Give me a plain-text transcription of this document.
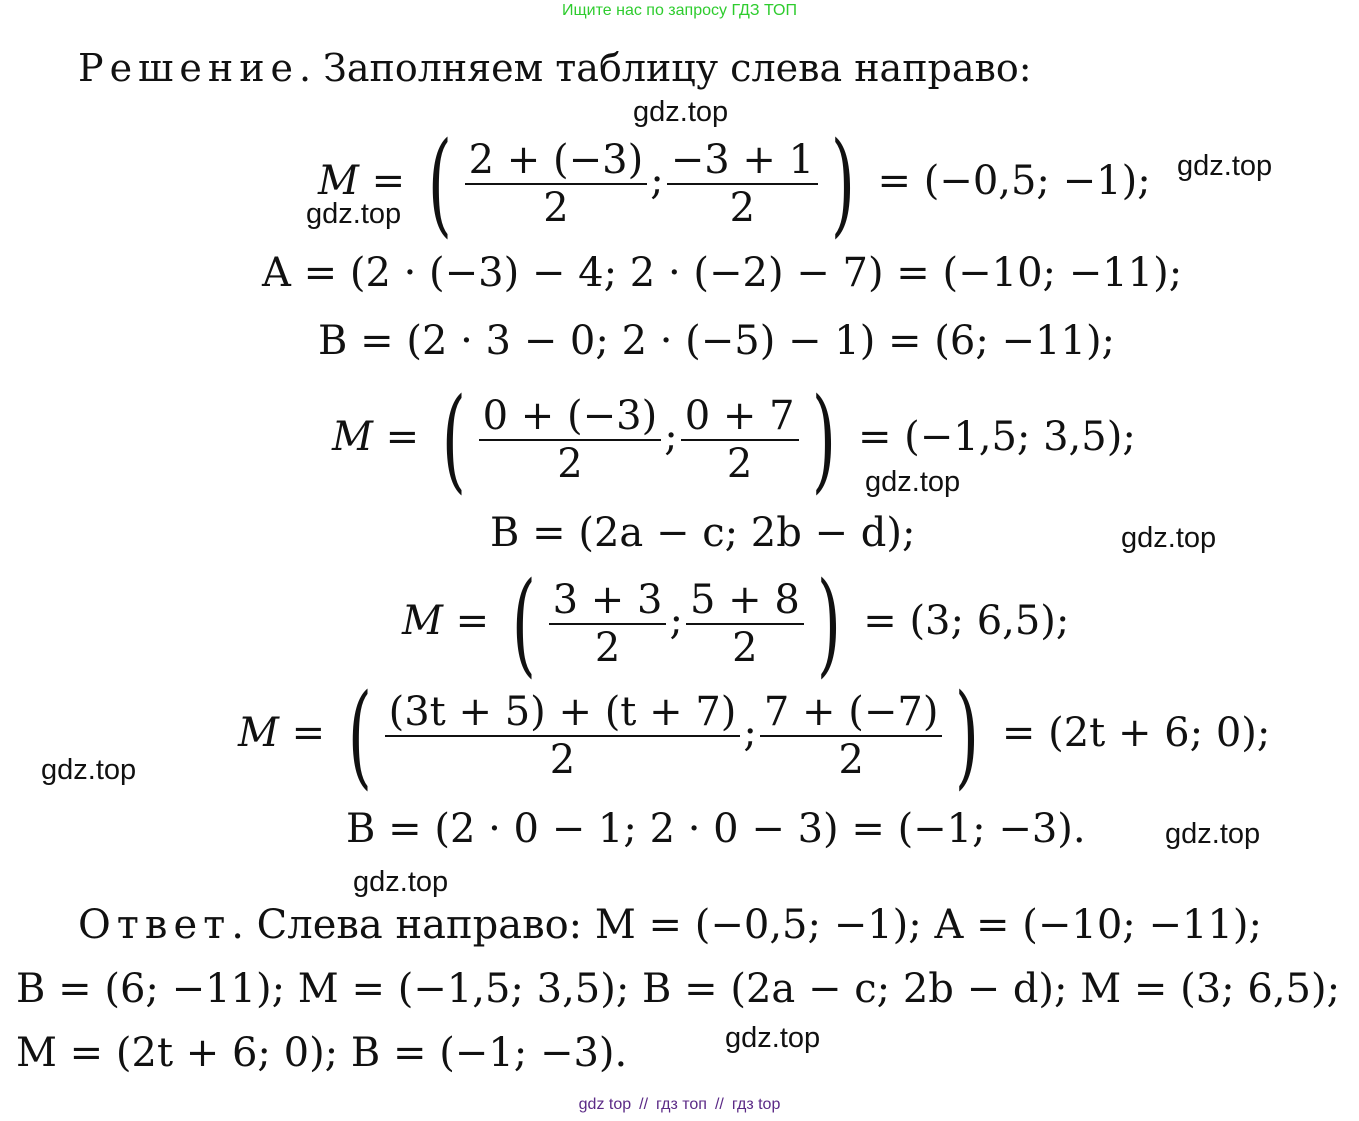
Ищите нас по запросу ГДЗ ТОП
Решение. Заполняем таблицу слева направо:
M = ( $\frac{2 + (-3)}{2}$ ; $\frac{-3 + 1}{2}$ ) = (−0,5; −1);
A = (2 · (−3) − 4; 2 · (−2) − 7) = (−10; −11);
B = (2 · 3 − 0; 2 · (−5) − 1) = (6; −11);
M = ( $\frac{0 + (-3)}{2}$ ; $\frac{0 + 7}{2}$ ) = (−1,5; 3,5);
B = (2a − c; 2b − d);
M = ( $\frac{3 + 3}{2}$ ; $\frac{5 + 8}{2}$ ) = (3; 6,5);
M = ( $\frac{(3t + 5) + (t + 7)}{2}$ ; $\frac{7 + (-7)}{2}$ ) = (2t + 6; 0);
B = (2 · 0 − 1; 2 · 0 − 3) = (−1; −3).
Ответ. Слева направо: M = (−0,5; −1); A = (−10; −11);
B = (6; −11); M = (−1,5; 3,5); B = (2a − c; 2b − d); M = (3; 6,5);
M = (2t + 6; 0); B = (−1; −3).
gdz.top
gdz.top
gdz.top
gdz.top
gdz.top
gdz.top
gdz.top
gdz.top
gdz.top
gdz top // гдз топ // гдз top
